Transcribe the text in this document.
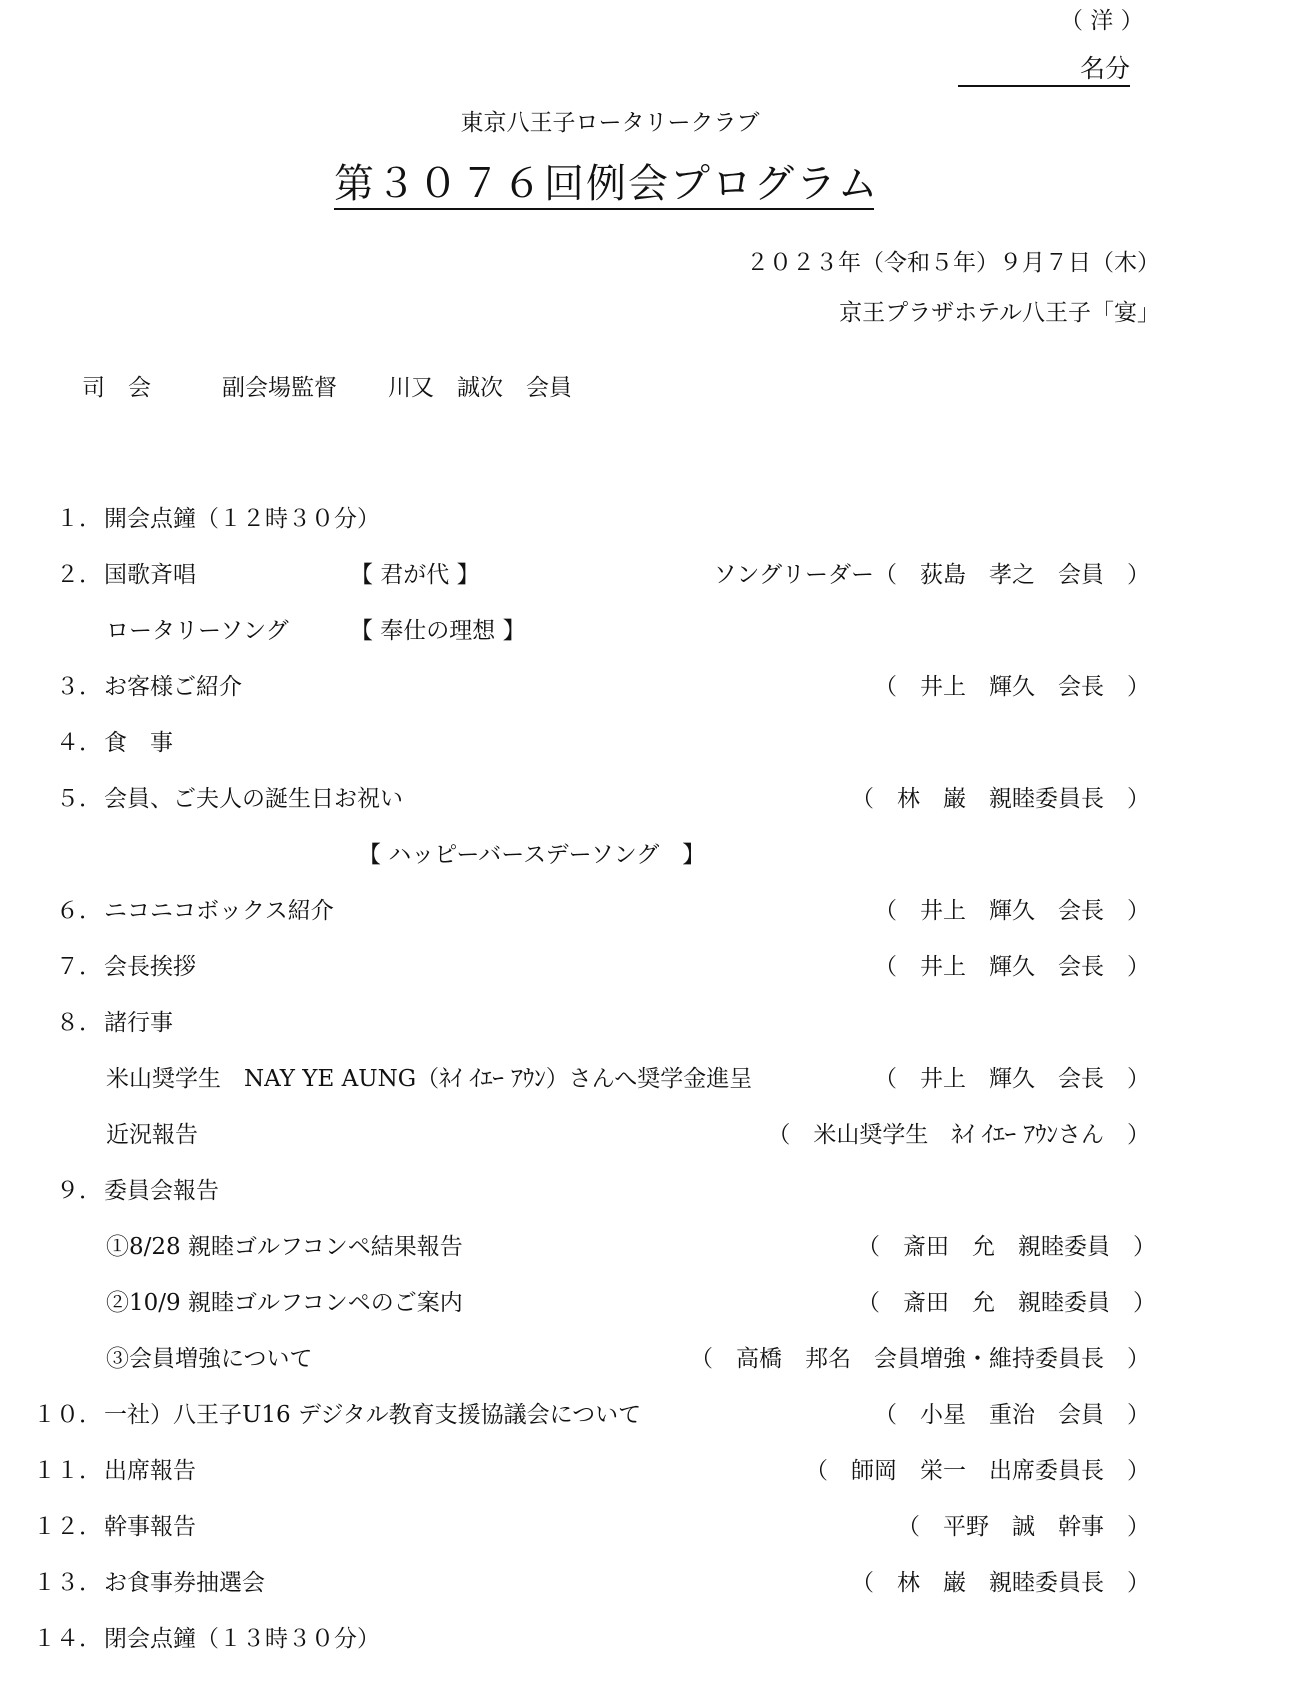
（ 洋 ）
名分
東京八王子ロータリークラブ
第３０７６回例会プログラム
２０２３年（令和５年）９月７日（木）
京王プラザホテル八王子「宴」
司　会	副会場監督 川又　誠次　会員
１． 開会点鐘（１２時３０分）
２． 国歌斉唱	【 君が代 】	ソングリーダー（　荻島　孝之　会員　）
ロータリーソング	【 奉仕の理想 】
３． お客様ご紹介	（　井上　輝久　会長　）
４． 食　事
５． 会員、ご夫人の誕生日お祝い	（　林　巌　親睦委員長　）
【 ハッピーバースデーソング　】
６． ニコニコボックス紹介	（　井上　輝久　会長　）
７． 会長挨拶	（　井上　輝久　会長　）
８． 諸行事
米山奨学生　NAY YE AUNG（ﾈｲ ｲｴｰ ｱｳﾝ）さんへ奨学金進呈	（　井上　輝久　会長　）
近況報告	（　米山奨学生　ﾈｲ ｲｴｰ ｱｳﾝさん　）
９． 委員会報告
①8/28 親睦ゴルフコンペ結果報告	（　斎田　允　親睦委員　）
②10/9 親睦ゴルフコンペのご案内	（　斎田　允　親睦委員　）
③会員増強について	（　高橋　邦名　会員増強・維持委員長　）
１０． 一社）八王子U16 デジタル教育支援協議会について	（　小星　重治　会員　）
１１． 出席報告	（　師岡　栄一　出席委員長　）
１２． 幹事報告	（　平野　誠　幹事　）
１３． お食事券抽選会	（　林　巌　親睦委員長　）
１４． 閉会点鐘（１３時３０分）
